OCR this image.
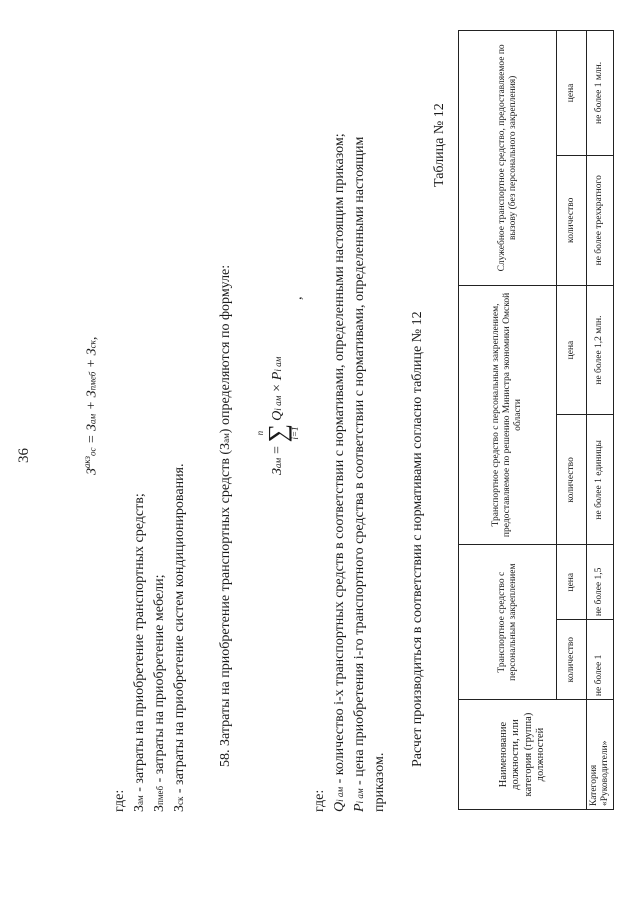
36
$З^{акз}ос$ = Зам + Зпмеб + Зск,
где: Зам - затраты на приобретение транспортных средств;
Зпмеб - затраты на приобретение мебели;
Зск - затраты на приобретение систем кондиционирования. 58. Затраты на приобретение транспортных средств (Зам) определяются по формуле:
Зам
=
n
∑
i=1
Qi ам
×
Pi ам
,
где: Qi ам - количество i-х транспортных средств в соответствии с нормативами, определенными настоящим приказом;
Pi ам - цена приобретения i-го транспортного средства в соответствии с нормативами, определенными настоящим приказом.
Расчет производиться в соответствии с нормативами согласно таблице № 12
Таблица № 12
Наименование должности, или категория (группа) должностей	Транспортное средство с персональным закреплением		Транспортное средство с персональным закреплением, предоставляемое по решению Министра экономики Омской области		Служебное транспортное средство, предоставляемое по вызову (без персонального закрепления)	
	количество	цена	количество	цена	количество	цена
Категория «Руководители»	не более 1	не более 1,5	не более 1 единицы	не более 1,2 млн.	не более трехкратного	не более 1 млн.
